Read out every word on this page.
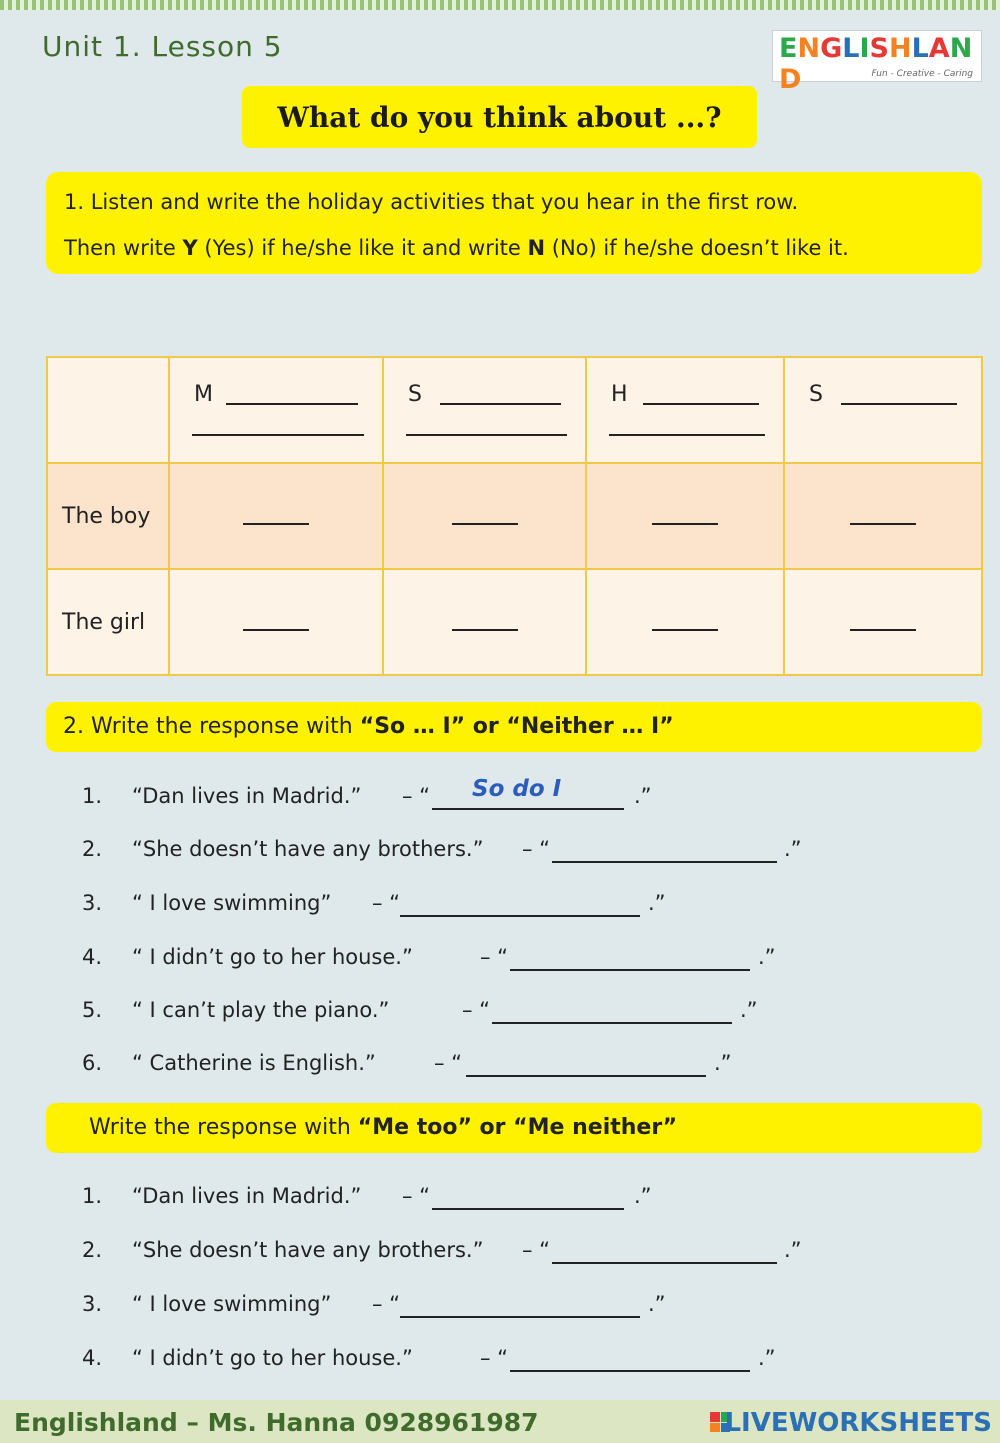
Unit 1. Lesson 5	ENGLISHLAND	Fun - Creative - Caring
What do you think about ...?
1. Listen and write the holiday activities that you hear in the first row.
Then write Y (Yes) if he/she like it and write N (No) if he/she doesn’t like it.

	M	S	H	S

The boy	

The girl	

2. Write the response with “So … I” or “Neither … I”
1. “Dan lives in Madrid.” – “ So do I	.”
2. “She doesn’t have any brothers.” – “	.”
3. “ I love swimming” – “	.”
4. “ I didn’t go to her house.”	– “	.”
5. “ I can’t play the piano.”	– “	.”
6. “ Catherine is English.”	– “	.”
Write the response with “Me too” or “Me neither”
1. “Dan lives in Madrid.” – “	.”
2. “She doesn’t have any brothers.” – “	.”
3. “ I love swimming” – “	.”
4. “ I didn’t go to her house.”	– “	.”
Englishland – Ms. Hanna 0928961987	LIVEWORKSHEETS
